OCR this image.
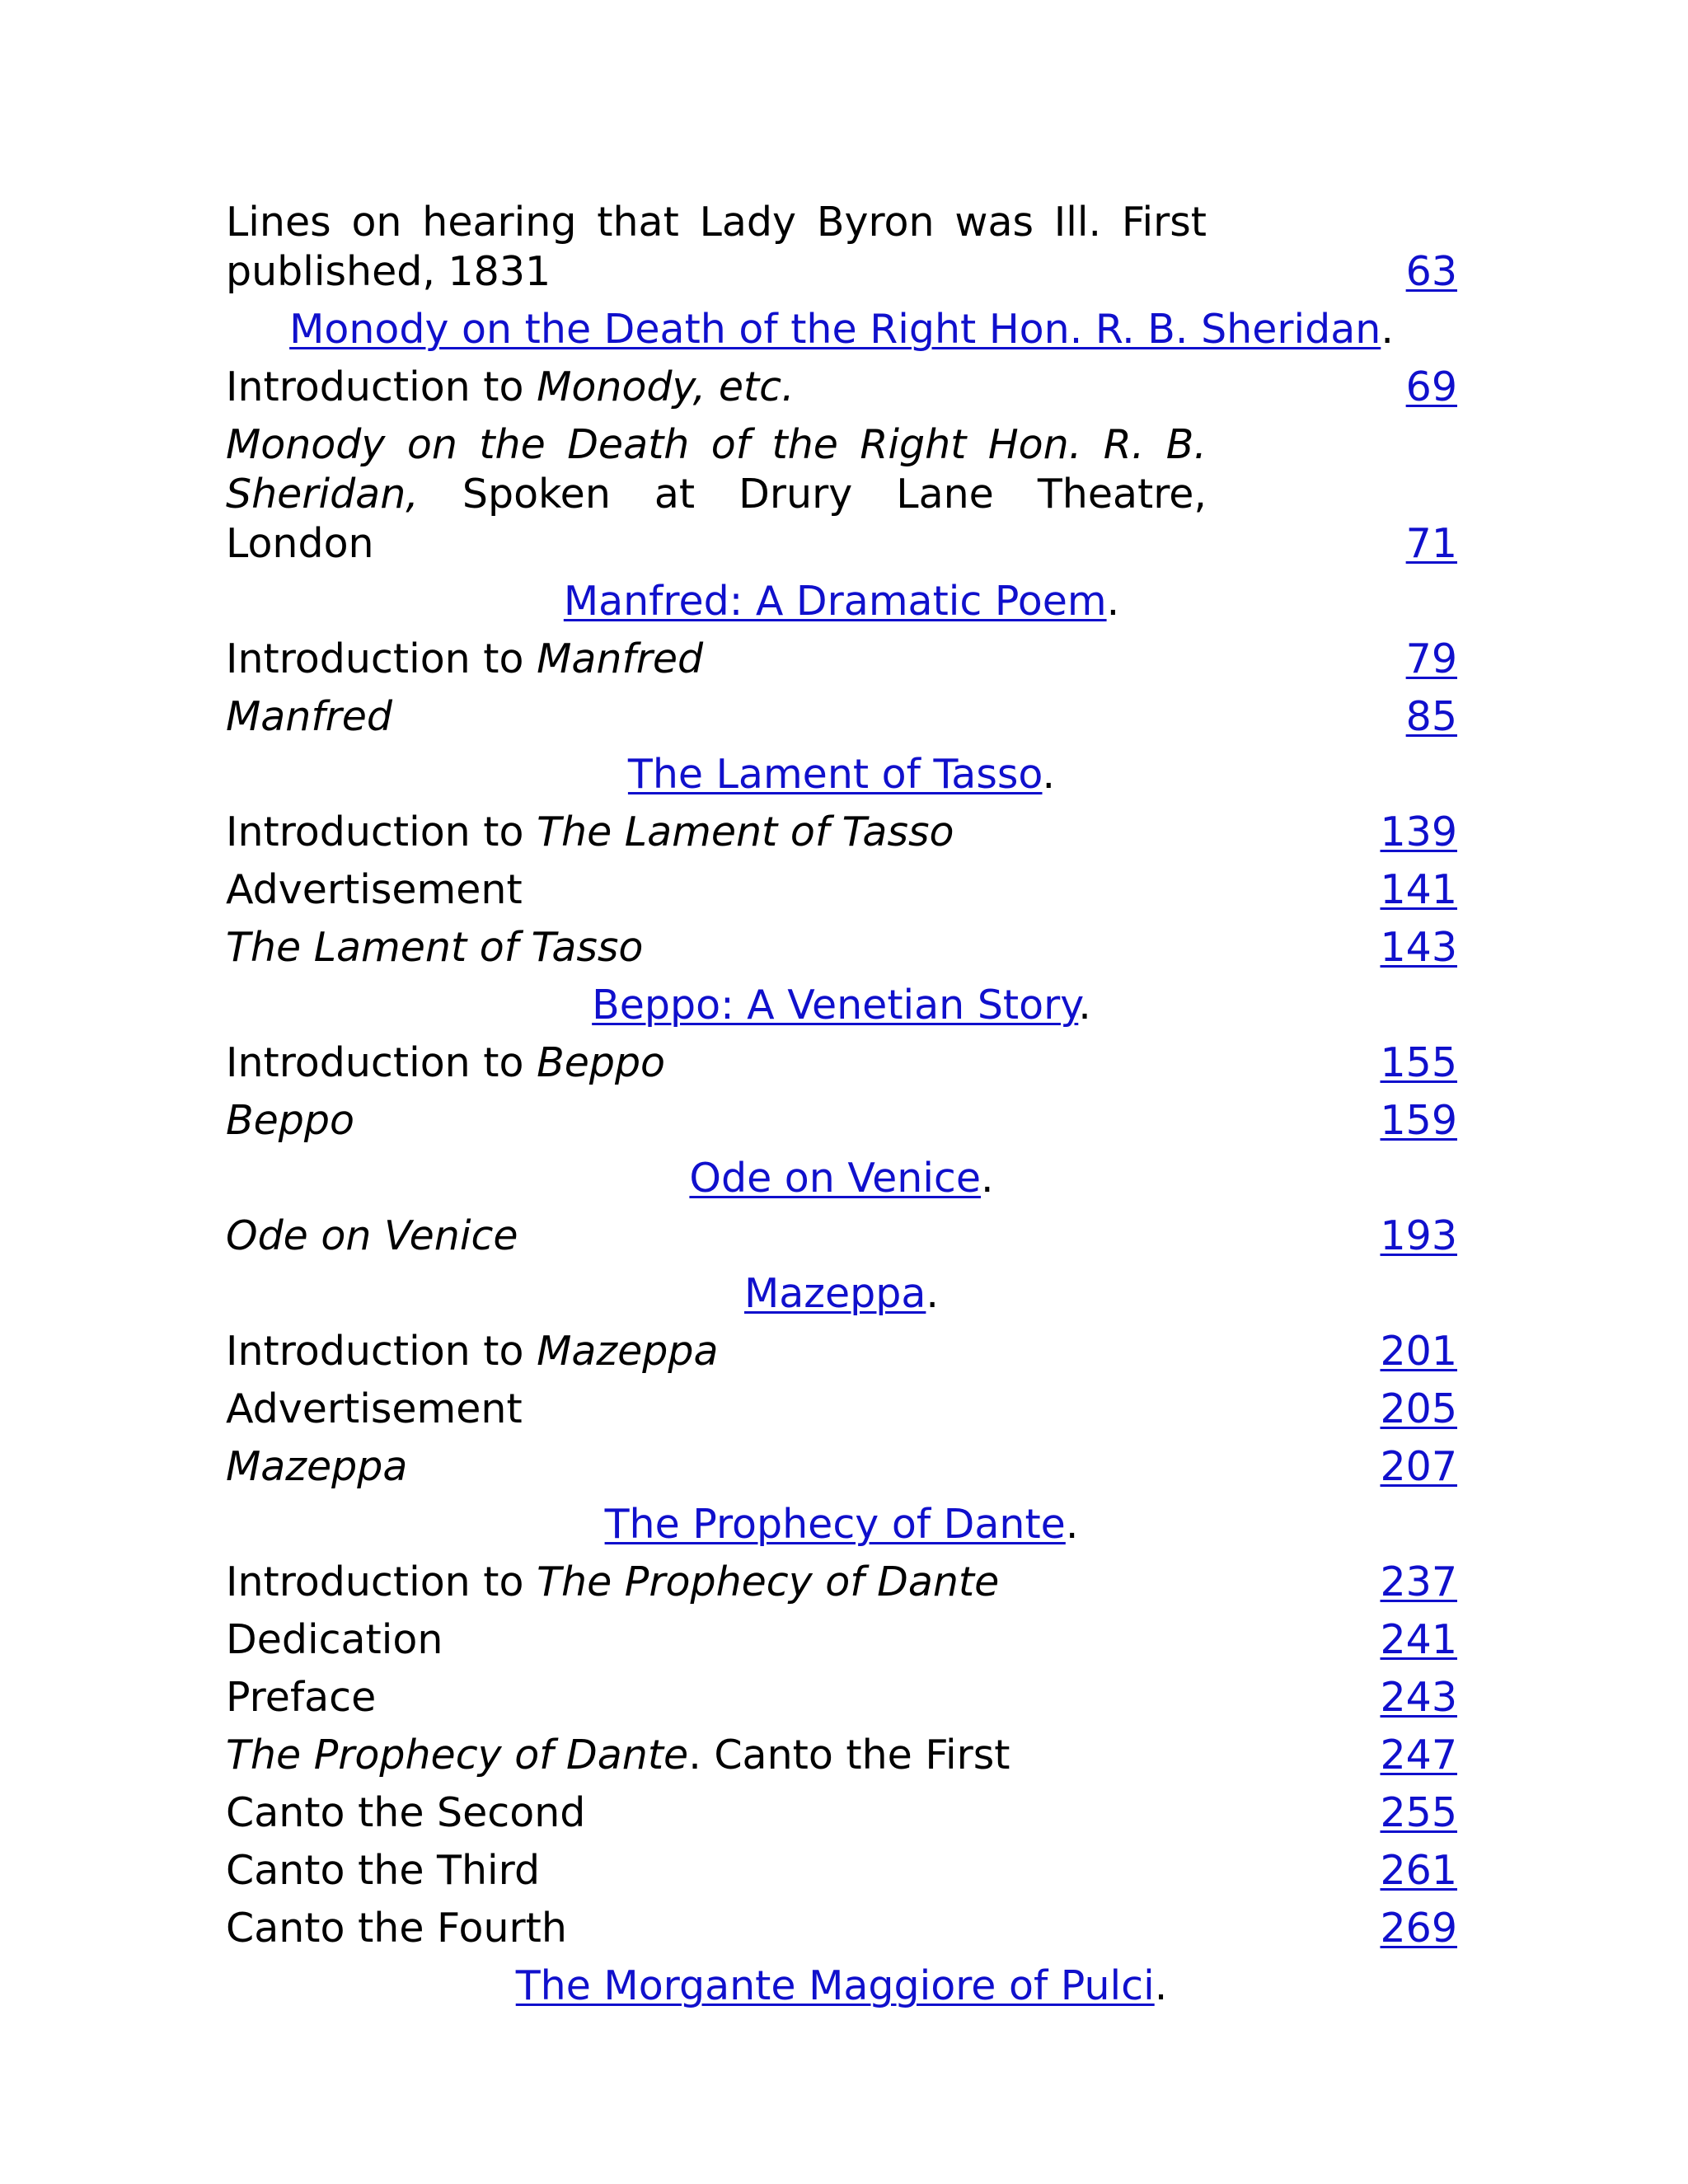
Lines on hearing that Lady Byron was Ill. First published, 1831	63
Monody on the Death of the Right Hon. R. B. Sheridan.
Introduction to Monody, etc.	69
Monody on the Death of the Right Hon. R. B. Sheridan, Spoken at Drury Lane Theatre, London	71
Manfred: A Dramatic Poem.
Introduction to Manfred	79
Manfred	85
The Lament of Tasso.
Introduction to The Lament of Tasso	139
Advertisement	141
The Lament of Tasso	143
Beppo: A Venetian Story.
Introduction to Beppo	155
Beppo	159
Ode on Venice.
Ode on Venice	193
Mazeppa.
Introduction to Mazeppa	201
Advertisement	205
Mazeppa	207
The Prophecy of Dante.
Introduction to The Prophecy of Dante	237
Dedication	241
Preface	243
The Prophecy of Dante. Canto the First	247
Canto the Second	255
Canto the Third	261
Canto the Fourth	269
The Morgante Maggiore of Pulci.
